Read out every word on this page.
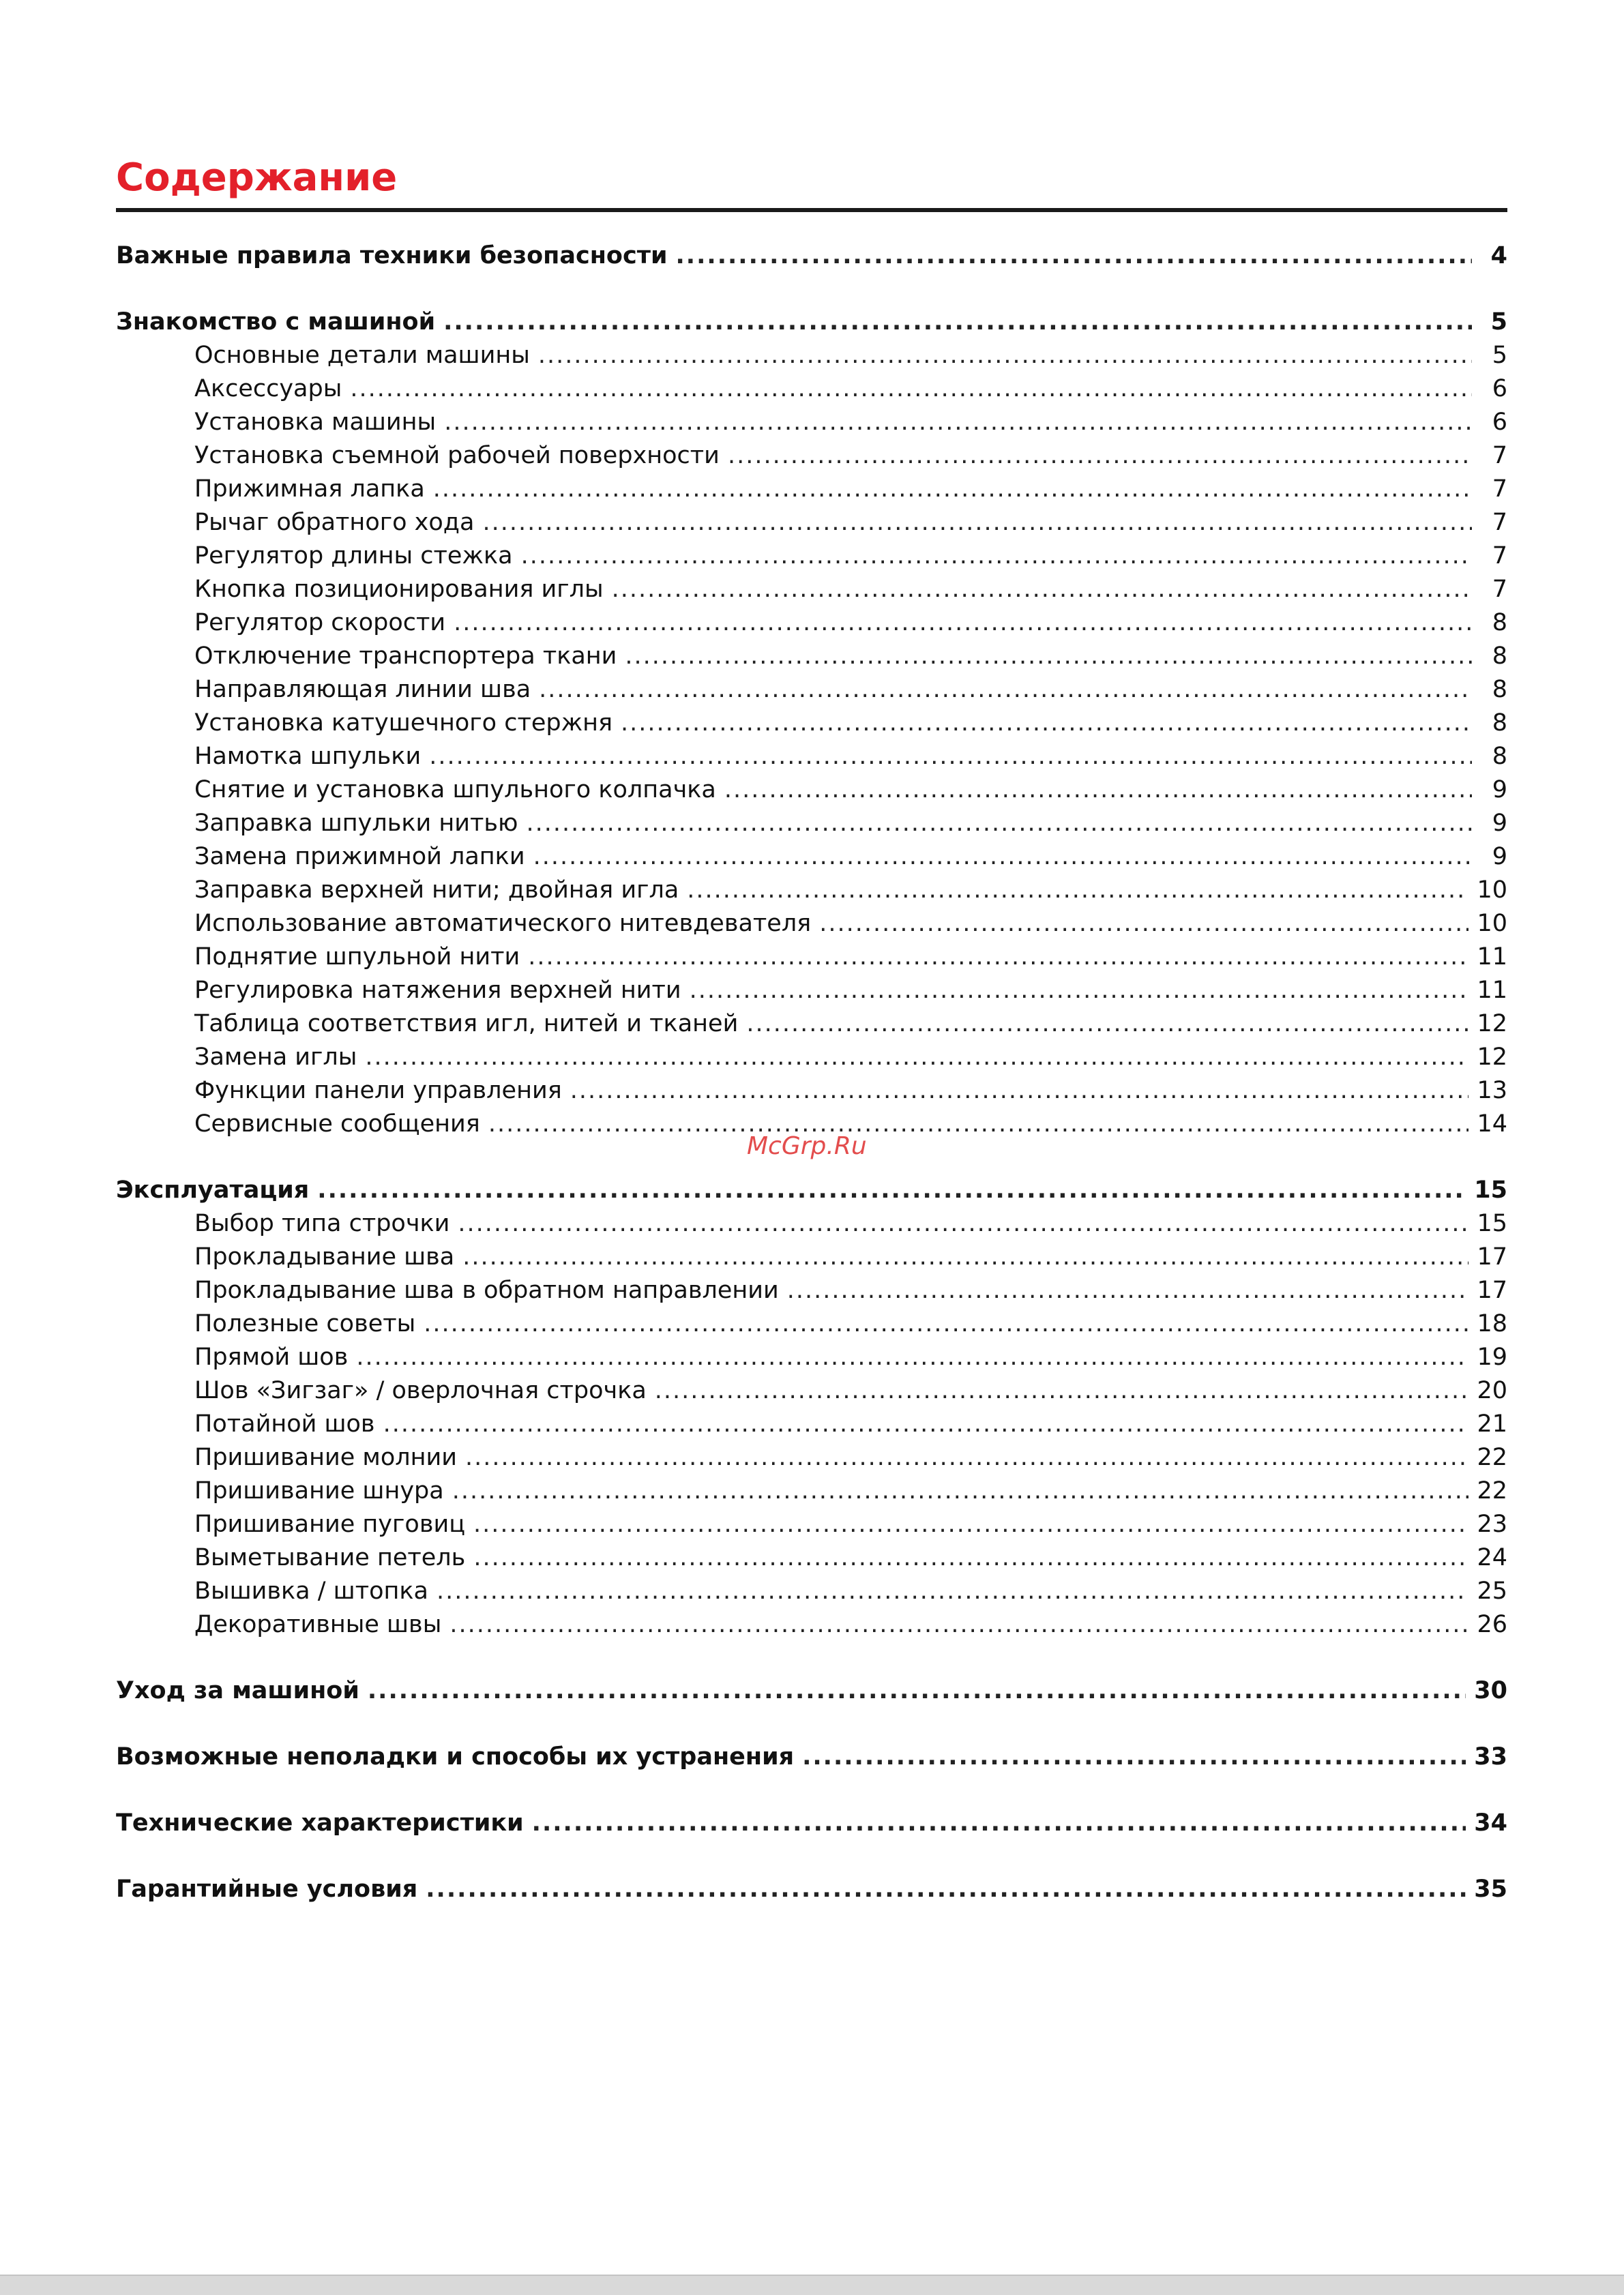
Содержание
Важные правила техники безопасности .....	4
Знакомство с машиной .....	5
Основные детали машины .....	5
Аксессуары .....	6
Установка машины .....	6
Установка съемной рабочей поверхности .....	7
Прижимная лапка .....	7
Рычаг обратного хода .....	7
Регулятор длины стежка .....	7
Кнопка позиционирования иглы .....	7
Регулятор скорости .....	8
Отключение транспортера ткани .....	8
Направляющая линии шва .....	8
Установка катушечного стержня .....	8
Намотка шпульки .....	8
Снятие и установка шпульного колпачка .....	9
Заправка шпульки нитью .....	9
Замена прижимной лапки .....	9
Заправка верхней нити; двойная игла .....	10
Использование автоматического нитевдевателя .....	10
Поднятие шпульной нити .....	11
Регулировка натяжения верхней нити .....	11
Таблица соответствия игл, нитей и тканей .....	12
Замена иглы .....	12
Функции панели управления .....	13
Сервисные сообщения .....	14
Эксплуатация .....	15
Выбор типа строчки .....	15
Прокладывание шва .....	17
Прокладывание шва в обратном направлении .....	17
Полезные советы .....	18
Прямой шов .....	19
Шов «Зигзаг» / оверлочная строчка .....	20
Потайной шов .....	21
Пришивание молнии .....	22
Пришивание шнура .....	22
Пришивание пуговиц .....	23
Выметывание петель .....	24
Вышивка / штопка .....	25
Декоративные швы .....	26
Уход за машиной .....	30
Возможные неполадки и способы их устранения .....	33
Технические характеристики .....	34
Гарантийные условия .....	35
McGrp.Ru
